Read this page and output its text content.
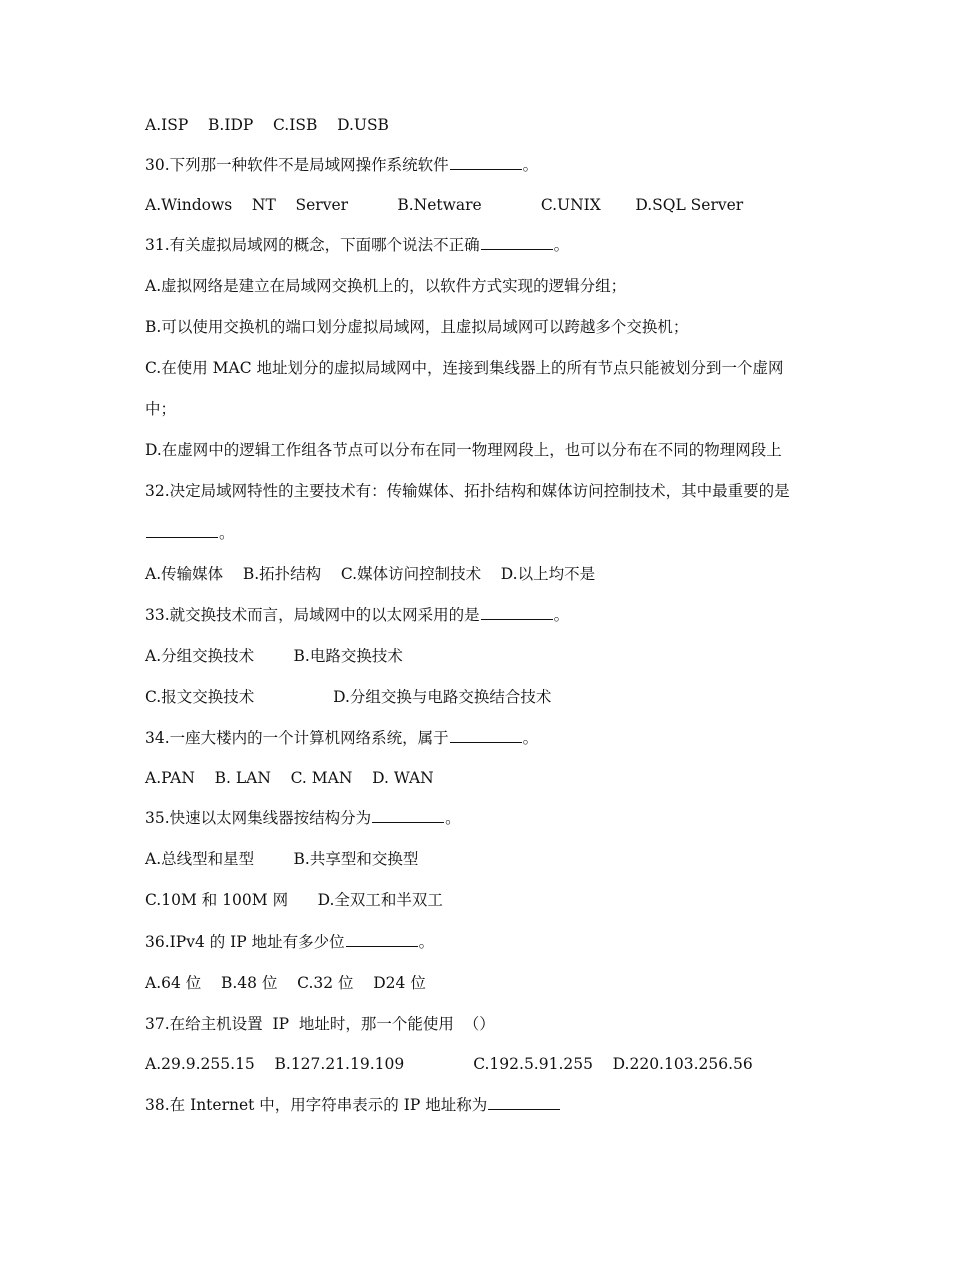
A.ISP    B.IDP    C.ISB    D.USB
30.下列那一种软件不是局域网操作系统软件	。
A.Windows    NT    Server          B.Netware            C.UNIX       D.SQL Server
31.有关虚拟局域网的概念，下面哪个说法不正确	。
A.虚拟网络是建立在局域网交换机上的，以软件方式实现的逻辑分组；
B.可以使用交换机的端口划分虚拟局域网，且虚拟局域网可以跨越多个交换机；
C.在使用 MAC 地址划分的虚拟局域网中，连接到集线器上的所有节点只能被划分到一个虚网
中；
D.在虚网中的逻辑工作组各节点可以分布在同一物理网段上，也可以分布在不同的物理网段上
32.决定局域网特性的主要技术有：传输媒体、拓扑结构和媒体访问控制技术，其中最重要的是
。
A.传输媒体    B.拓扑结构    C.媒体访问控制技术    D.以上均不是
33.就交换技术而言，局域网中的以太网采用的是	。
A.分组交换技术        B.电路交换技术
C.报文交换技术                D.分组交换与电路交换结合技术
34.一座大楼内的一个计算机网络系统，属于	。
A.PAN    B. LAN    C. MAN    D. WAN
35.快速以太网集线器按结构分为	。
A.总线型和星型        B.共享型和交换型
C.10M 和 100M 网      D.全双工和半双工
36.IPv4 的 IP 地址有多少位	。
A.64 位    B.48 位    C.32 位    D24 位
37.在给主机设置  IP  地址时，那一个能使用  （）
A.29.9.255.15    B.127.21.19.109              C.192.5.91.255    D.220.103.256.56
38.在 Internet 中，用字符串表示的 IP 地址称为
